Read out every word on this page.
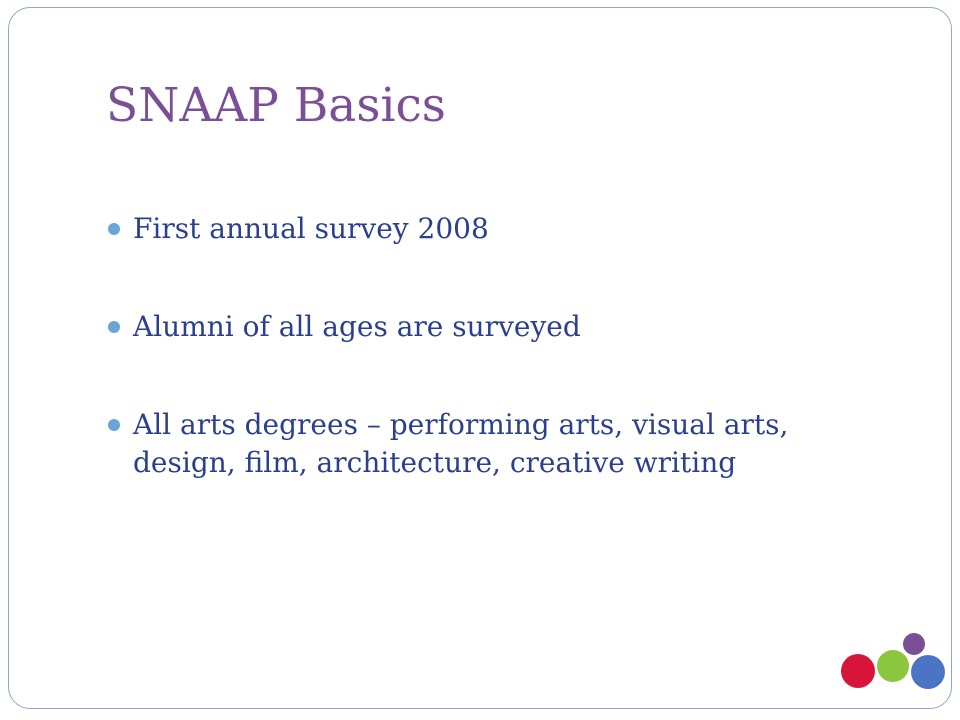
SNAAP Basics
First annual survey 2008
Alumni of all ages are surveyed
All arts degrees – performing arts, visual arts, design, film, architecture, creative writing
